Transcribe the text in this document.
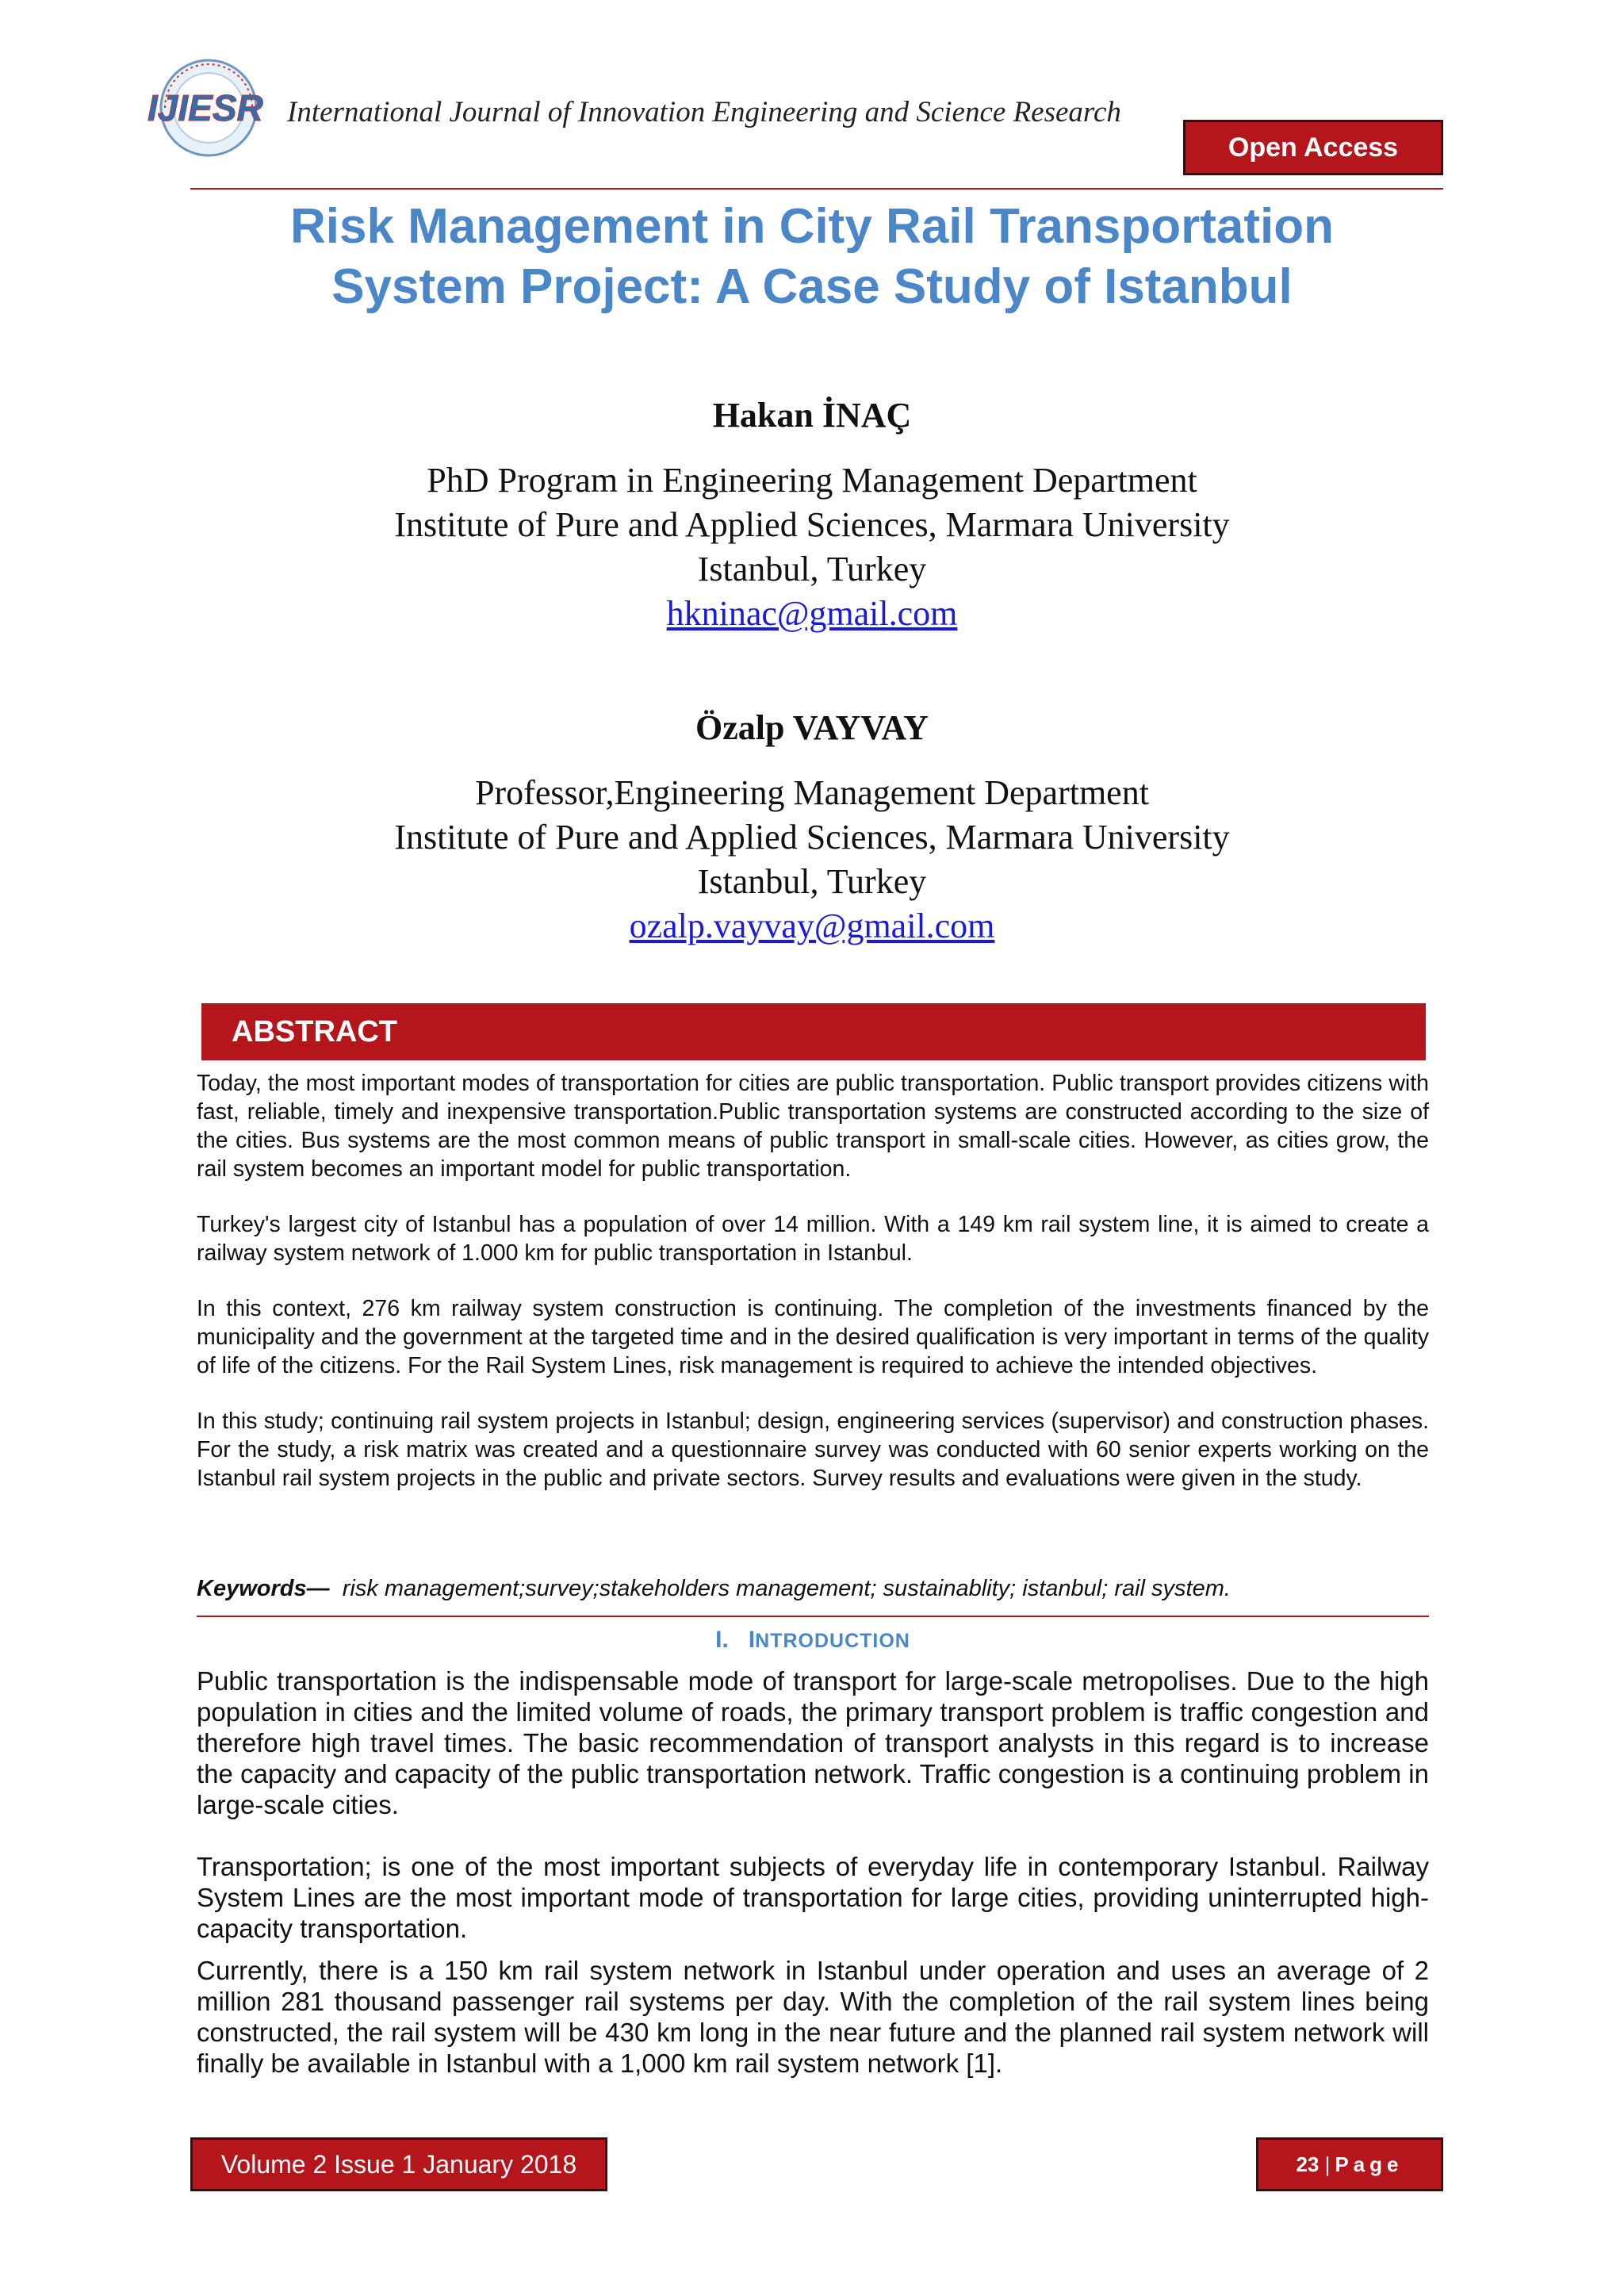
IJIESR International Journal of Innovation Engineering and Science Research
Open Access
Risk Management in City Rail Transportation
System Project: A Case Study of Istanbul
Hakan İNAÇ
PhD Program in Engineering Management Department
Institute of Pure and Applied Sciences, Marmara University
Istanbul, Turkey
hkninac@gmail.com
Özalp VAYVAY
Professor,Engineering Management Department
Institute of Pure and Applied Sciences, Marmara University
Istanbul, Turkey
ozalp.vayvay@gmail.com
ABSTRACT

Today, the most important modes of transportation for cities are public transportation. Public transport provides citizens with fast, reliable, timely and inexpensive transportation.Public transportation systems are constructed according to the size of the cities. Bus systems are the most common means of public transport in small-scale cities. However, as cities grow, the rail system becomes an important model for public transportation.

Turkey's largest city of Istanbul has a population of over 14 million. With a 149 km rail system line, it is aimed to create a railway system network of 1.000 km for public transportation in Istanbul.

In this context, 276 km railway system construction is continuing. The completion of the investments financed by the municipality and the government at the targeted time and in the desired qualification is very important in terms of the quality of life of the citizens. For the Rail System Lines, risk management is required to achieve the intended objectives.

In this study; continuing rail system projects in Istanbul; design, engineering services (supervisor) and construction phases. For the study, a risk matrix was created and a questionnaire survey was conducted with 60 senior experts working on the Istanbul rail system projects in the public and private sectors. Survey results and evaluations were given in the study.

Keywords— risk management;survey;stakeholders management; sustainablity; istanbul; rail system.
I. INTRODUCTION

Public transportation is the indispensable mode of transport for large-scale metropolises. Due to the high population in cities and the limited volume of roads, the primary transport problem is traffic congestion and therefore high travel times. The basic recommendation of transport analysts in this regard is to increase the capacity and capacity of the public transportation network. Traffic congestion is a continuing problem in large-scale cities.

Transportation; is one of the most important subjects of everyday life in contemporary Istanbul. Railway System Lines are the most important mode of transportation for large cities, providing uninterrupted high-capacity transportation.

Currently, there is a 150 km rail system network in Istanbul under operation and uses an average of 2 million 281 thousand passenger rail systems per day. With the completion of the rail system lines being constructed, the rail system will be 430 km long in the near future and the planned rail system network will finally be available in Istanbul with a 1,000 km rail system network [1].

Volume 2 Issue 1 January 2018	23
| Page
